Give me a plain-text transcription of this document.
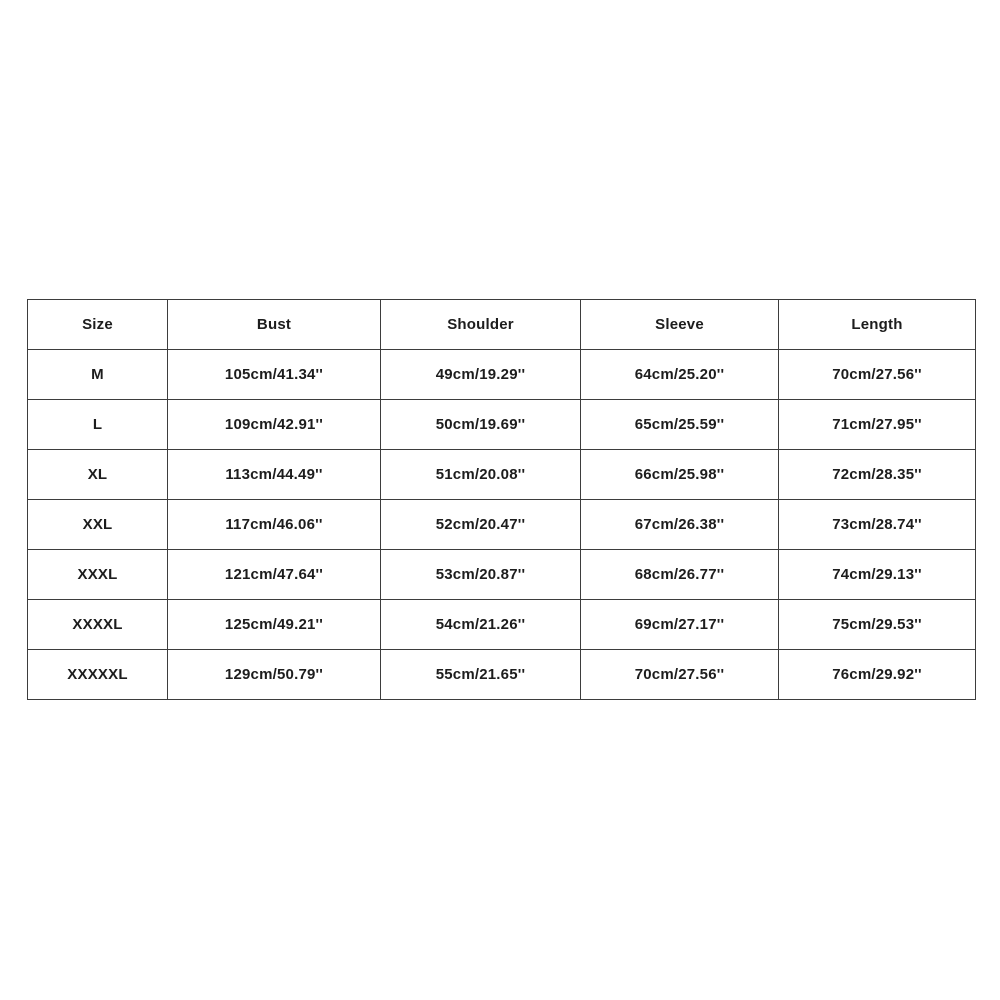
Size	Bust	Shoulder	Sleeve	Length
M	105cm/41.34''	49cm/19.29''	64cm/25.20''	70cm/27.56''
L	109cm/42.91''	50cm/19.69''	65cm/25.59''	71cm/27.95''
XL	113cm/44.49''	51cm/20.08''	66cm/25.98''	72cm/28.35''
XXL	117cm/46.06''	52cm/20.47''	67cm/26.38''	73cm/28.74''
XXXL	121cm/47.64''	53cm/20.87''	68cm/26.77''	74cm/29.13''
XXXXL	125cm/49.21''	54cm/21.26''	69cm/27.17''	75cm/29.53''
XXXXXL	129cm/50.79''	55cm/21.65''	70cm/27.56''	76cm/29.92''
